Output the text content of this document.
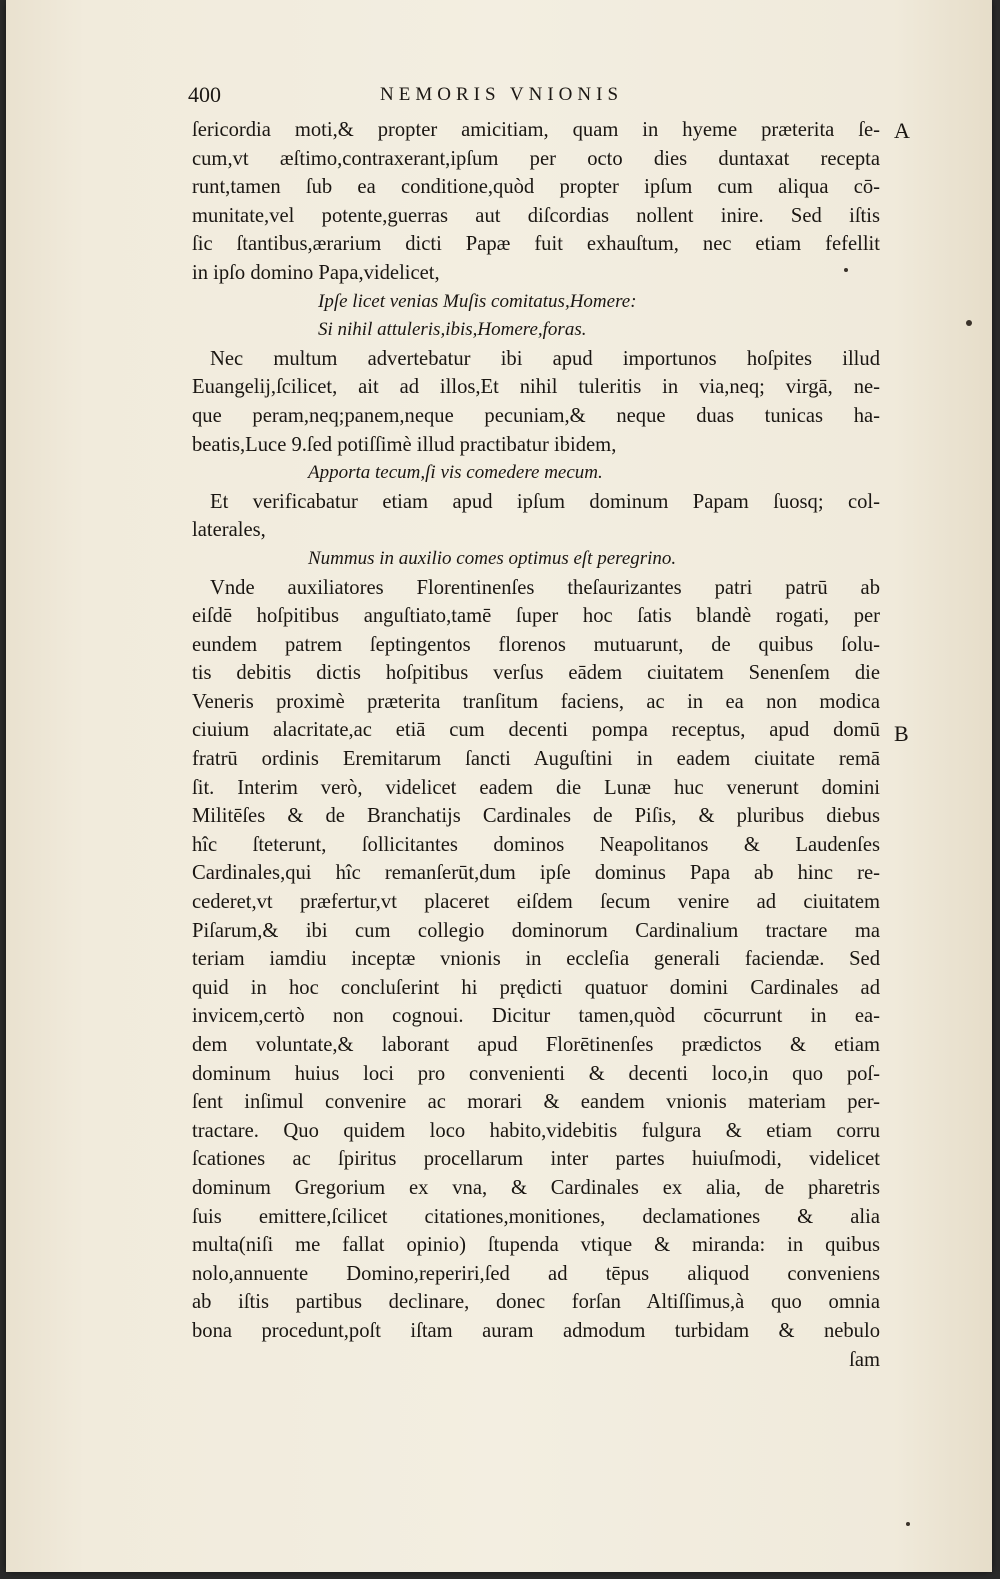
400	NEMORIS VNIONIS
A
B
ſericordia moti,& propter amicitiam, quam in hyeme præterita ſe-
cum,vt æſtimo,contraxerant,ipſum per octo dies duntaxat recepta
runt,tamen ſub ea conditione,quòd propter ipſum cum aliqua cō-
munitate,vel potente,guerras aut diſcordias nollent inire. Sed iſtis
ſic ſtantibus,ærarium dicti Papæ fuit exhauſtum, nec etiam fefellit
in ipſo domino Papa,videlicet,
Ipſe licet venias Muſis comitatus,Homere:
Si nihil attuleris,ibis,Homere,foras.
Nec multum advertebatur ibi apud importunos hoſpites illud
Euangelij,ſcilicet, ait ad illos,Et nihil tuleritis in via,neq; virgā, ne-
que peram,neq;panem,neque pecuniam,& neque duas tunicas ha-
beatis,Luce 9.ſed potiſſimè illud practibatur ibidem,
Apporta tecum,ſi vis comedere mecum.
Et verificabatur etiam apud ipſum dominum Papam ſuosq; col-
laterales,
Nummus in auxilio comes optimus eſt peregrino.
Vnde auxiliatores Florentinenſes theſaurizantes patri patrū ab
eiſdē hoſpitibus anguſtiato,tamē ſuper hoc ſatis blandè rogati, per
eundem patrem ſeptingentos florenos mutuarunt, de quibus ſolu-
tis debitis dictis hoſpitibus verſus eādem ciuitatem Senenſem die
Veneris proximè præterita tranſitum faciens, ac in ea non modica
ciuium alacritate,ac etiā cum decenti pompa receptus, apud domū
fratrū ordinis Eremitarum ſancti Auguſtini in eadem ciuitate remā
ſit. Interim verò, videlicet eadem die Lunæ huc venerunt domini
Militēſes & de Branchatijs Cardinales de Piſis, & pluribus diebus
hîc ſteterunt, ſollicitantes dominos Neapolitanos & Laudenſes
Cardinales,qui hîc remanſerūt,dum ipſe dominus Papa ab hinc re-
cederet,vt præfertur,vt placeret eiſdem ſecum venire ad ciuitatem
Piſarum,& ibi cum collegio dominorum Cardinalium tractare ma
teriam iamdiu inceptæ vnionis in eccleſia generali faciendæ. Sed
quid in hoc concluſerint hi prędicti quatuor domini Cardinales ad
invicem,certò non cognoui. Dicitur tamen,quòd cōcurrunt in ea-
dem voluntate,& laborant apud Florētinenſes prædictos & etiam
dominum huius loci pro convenienti & decenti loco,in quo poſ-
ſent inſimul convenire ac morari & eandem vnionis materiam per-
tractare. Quo quidem loco habito,videbitis fulgura & etiam corru
ſcationes ac ſpiritus procellarum inter partes huiuſmodi, videlicet
dominum Gregorium ex vna, & Cardinales ex alia, de pharetris
ſuis emittere,ſcilicet citationes,monitiones, declamationes & alia
multa(niſi me fallat opinio) ſtupenda vtique & miranda: in quibus
nolo,annuente Domino,reperiri,ſed ad tēpus aliquod conveniens
ab iſtis partibus declinare, donec forſan Altiſſimus,à quo omnia
bona procedunt,poſt iſtam auram admodum turbidam & nebulo
ſam
